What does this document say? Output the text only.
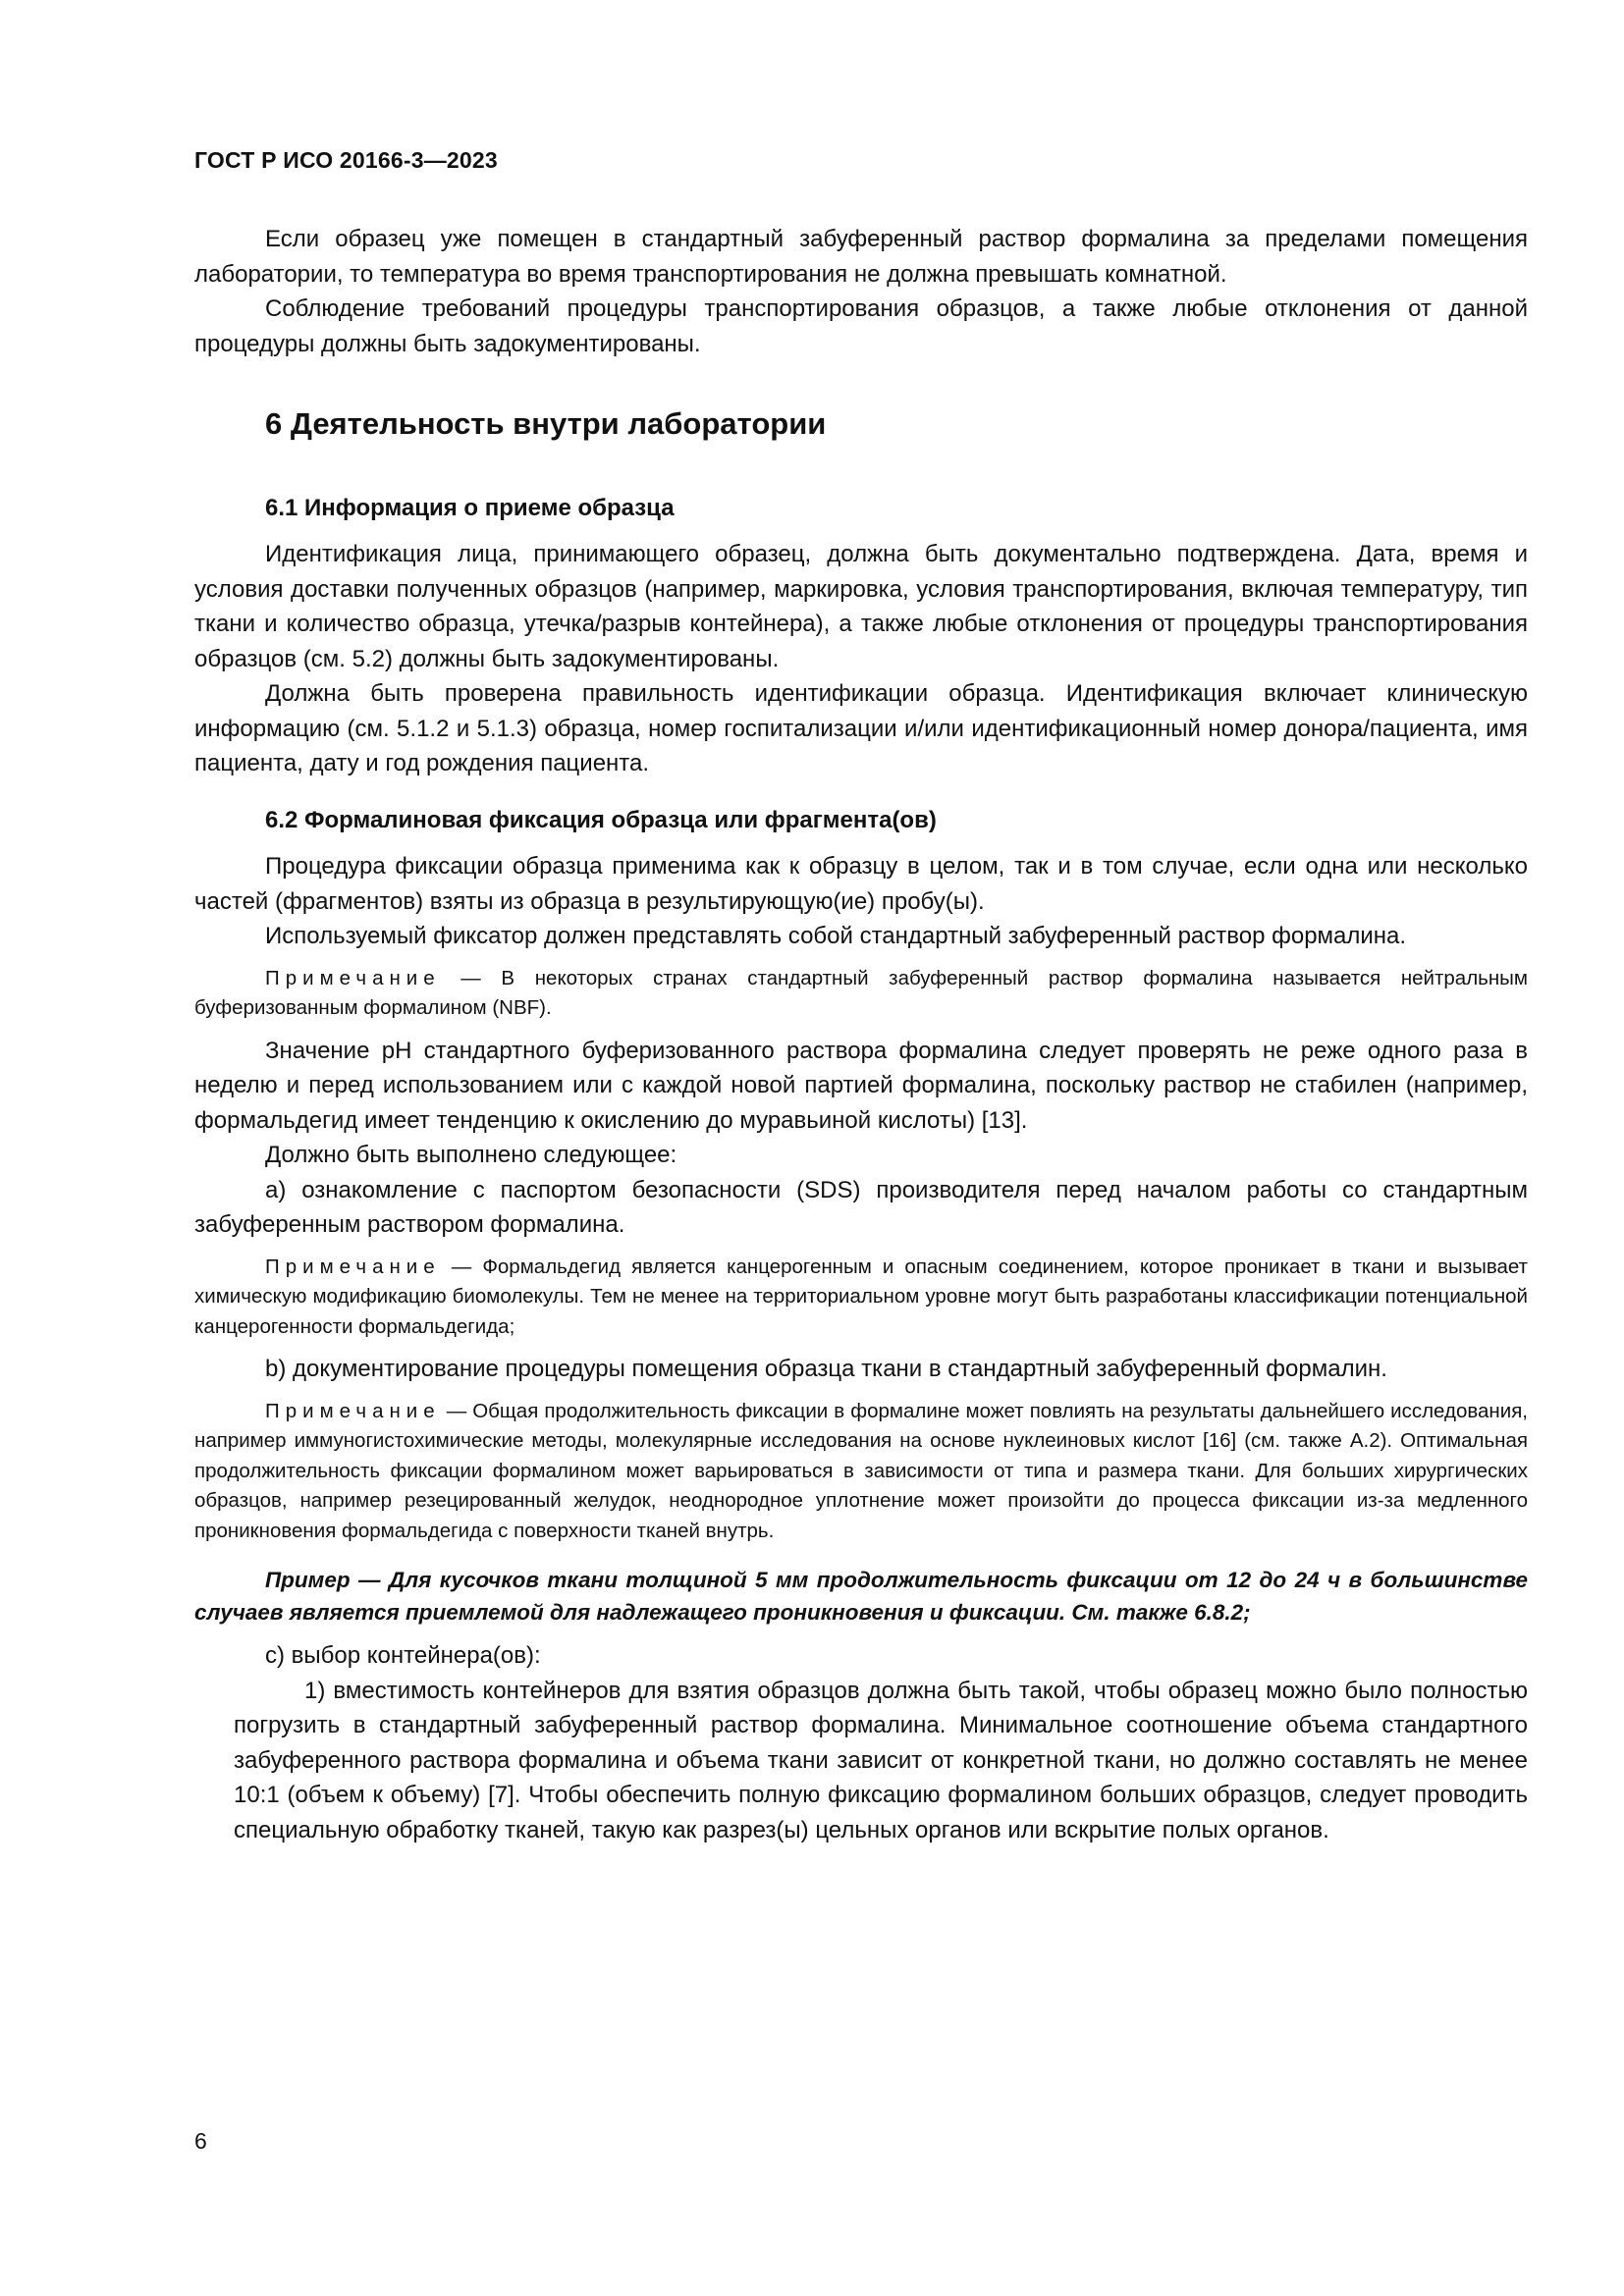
ГОСТ Р ИСО 20166-3—2023

Если образец уже помещен в стандартный забуференный раствор формалина за пределами помещения лаборатории, то температура во время транспортирования не должна превышать комнатной.

Соблюдение требований процедуры транспортирования образцов, а также любые отклонения от данной процедуры должны быть задокументированы.

6 Деятельность внутри лаборатории
6.1 Информация о приеме образца

Идентификация лица, принимающего образец, должна быть документально подтверждена. Дата, время и условия доставки полученных образцов (например, маркировка, условия транспортирования, включая температуру, тип ткани и количество образца, утечка/разрыв контейнера), а также любые отклонения от процедуры транспортирования образцов (см. 5.2) должны быть задокументированы.

Должна быть проверена правильность идентификации образца. Идентификация включает клиническую информацию (см. 5.1.2 и 5.1.3) образца, номер госпитализации и/или идентификационный номер донора/пациента, имя пациента, дату и год рождения пациента.

6.2 Формалиновая фиксация образца или фрагмента(ов)

Процедура фиксации образца применима как к образцу в целом, так и в том случае, если одна или несколько частей (фрагментов) взяты из образца в результирующую(ие) пробу(ы).

Используемый фиксатор должен представлять собой стандартный забуференный раствор формалина.

Примечание — В некоторых странах стандартный забуференный раствор формалина называется нейтральным буферизованным формалином (NBF).

Значение pH стандартного буферизованного раствора формалина следует проверять не реже одного раза в неделю и перед использованием или с каждой новой партией формалина, поскольку раствор не стабилен (например, формальдегид имеет тенденцию к окислению до муравьиной кислоты) [13].

Должно быть выполнено следующее:

a) ознакомление с паспортом безопасности (SDS) производителя перед началом работы со стандартным забуференным раствором формалина.

Примечание — Формальдегид является канцерогенным и опасным соединением, которое проникает в ткани и вызывает химическую модификацию биомолекулы. Тем не менее на территориальном уровне могут быть разработаны классификации потенциальной канцерогенности формальдегида;

b) документирование процедуры помещения образца ткани в стандартный забуференный формалин.

Примечание — Общая продолжительность фиксации в формалине может повлиять на результаты дальнейшего исследования, например иммуногистохимические методы, молекулярные исследования на основе нуклеиновых кислот [16] (см. также А.2). Оптимальная продолжительность фиксации формалином может варьироваться в зависимости от типа и размера ткани. Для больших хирургических образцов, например резецированный желудок, неоднородное уплотнение может произойти до процесса фиксации из-за медленного проникновения формальдегида с поверхности тканей внутрь.

Пример — Для кусочков ткани толщиной 5 мм продолжительность фиксации от 12 до 24 ч в большинстве случаев является приемлемой для надлежащего проникновения и фиксации. См. также 6.8.2;

c) выбор контейнера(ов):

1) вместимость контейнеров для взятия образцов должна быть такой, чтобы образец можно было полностью погрузить в стандартный забуференный раствор формалина. Минимальное соотношение объема стандартного забуференного раствора формалина и объема ткани зависит от конкретной ткани, но должно составлять не менее 10:1 (объем к объему) [7]. Чтобы обеспечить полную фиксацию формалином больших образцов, следует проводить специальную обработку тканей, такую как разрез(ы) цельных органов или вскрытие полых органов.

6
